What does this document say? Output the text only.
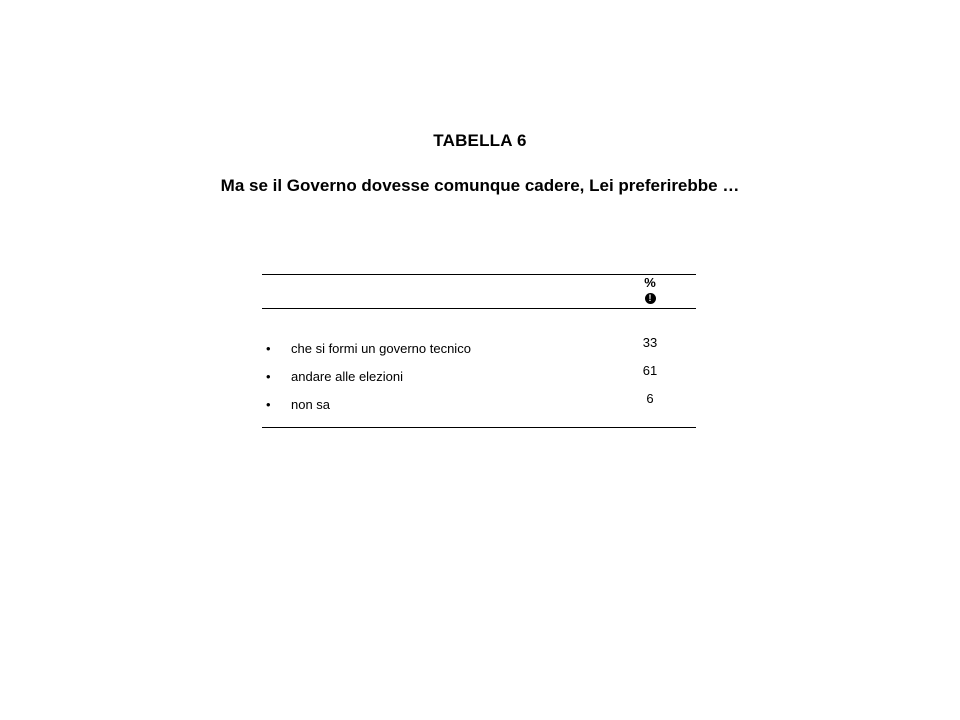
TABELLA 6
Ma se il Governo dovesse comunque cadere, Lei preferirebbe …
%
!
• che si formi un governo tecnico	33
• andare alle elezioni	61
• non sa	6
